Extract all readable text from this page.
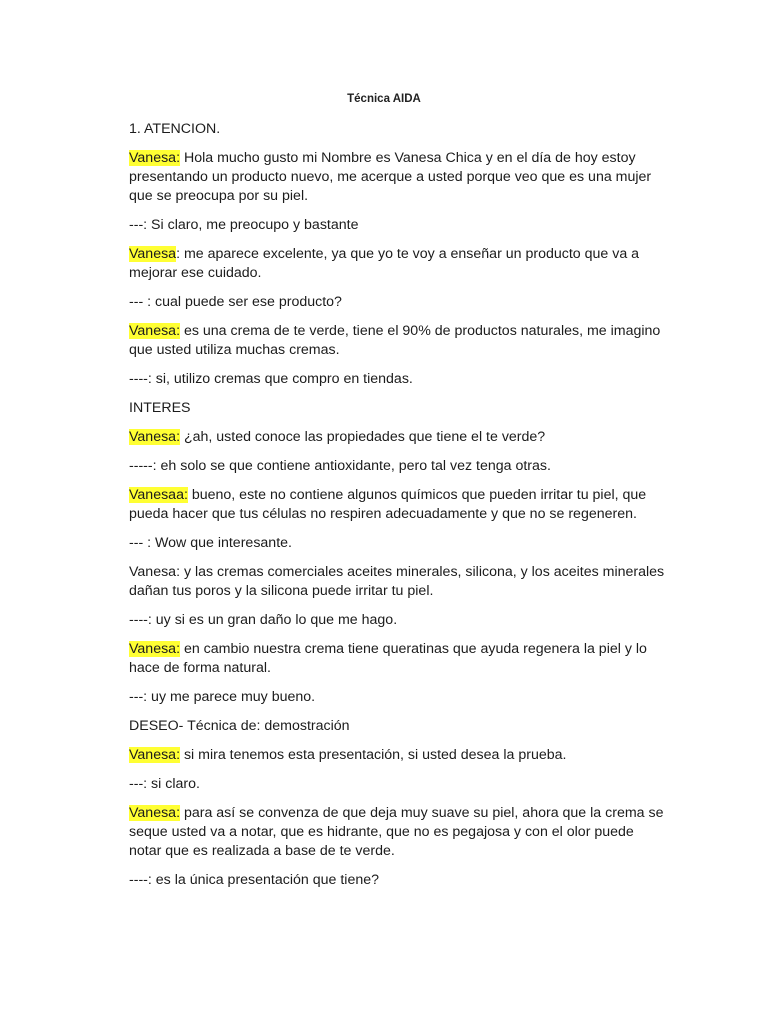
Técnica AIDA
1. ATENCION.
Vanesa: Hola mucho gusto mi Nombre es Vanesa Chica y en el día de hoy estoy presentando un producto nuevo, me acerque a usted porque veo que es una mujer que se preocupa por su piel.
---: Si claro, me preocupo y bastante
Vanesa: me aparece excelente, ya que yo te voy a enseñar un producto que va a mejorar ese cuidado.
--- : cual puede ser ese producto?
Vanesa: es una crema de te verde, tiene el 90% de productos naturales, me imagino que usted utiliza muchas cremas.
----: si, utilizo cremas que compro en tiendas.
INTERES
Vanesa: ¿ah, usted conoce las propiedades que tiene el te verde?
-----: eh solo se que contiene antioxidante, pero tal vez tenga otras.
Vanesaa: bueno, este no contiene algunos químicos que pueden irritar tu piel, que pueda hacer que tus células no respiren adecuadamente y que no se regeneren.
--- : Wow que interesante.
Vanesa: y las cremas comerciales aceites minerales, silicona, y los aceites minerales dañan tus poros y la silicona puede irritar tu piel.
----: uy si es un gran daño lo que me hago.
Vanesa: en cambio nuestra crema tiene queratinas que ayuda regenera la piel y lo hace de forma natural.
---: uy me parece muy bueno.
DESEO- Técnica de: demostración
Vanesa: si mira tenemos esta presentación, si usted desea la prueba.
---: si claro.
Vanesa: para así se convenza de que deja muy suave su piel, ahora que la crema se seque usted va a notar, que es hidrante, que no es pegajosa y con el olor puede notar que es realizada a base de te verde.
----: es la única presentación que tiene?
